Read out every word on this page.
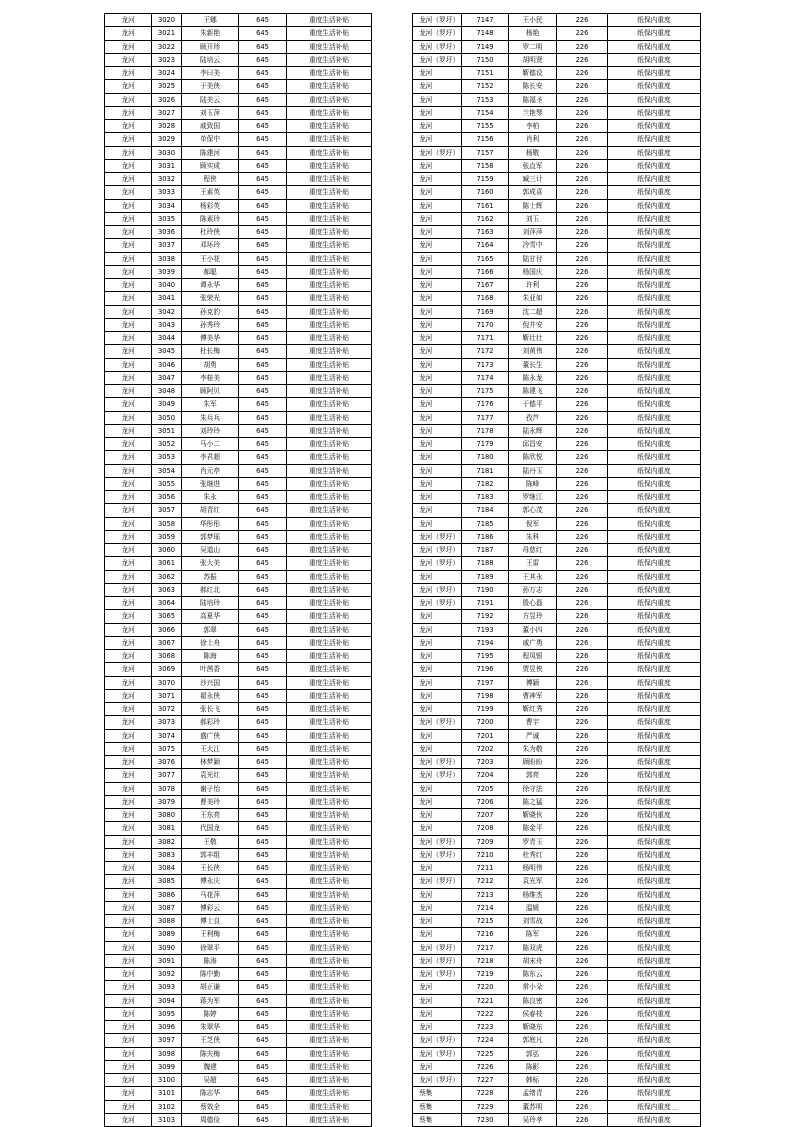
龙河	3020	王娜	645	重度生活补贴
龙河	3021	朱新艳	645	重度生活补贴
龙河	3022	顾开珍	645	重度生活补贴
龙河	3023	陆培云	645	重度生活补贴
龙河	3024	李曰美	645	重度生活补贴
龙河	3025	于美侠	645	重度生活补贴
龙河	3026	陆美云	645	重度生活补贴
龙河	3027	刘玉萍	645	重度生活补贴
龙河	3028	戚致国	645	重度生活补贴
龙河	3029	单保中	645	重度生活补贴
龙河	3030	陈建河	645	重度生活补贴
龙河	3031	顾实成	645	重度生活补贴
龙河	3032	程侠	645	重度生活补贴
龙河	3033	王素英	645	重度生活补贴
龙河	3034	杨彩英	645	重度生活补贴
龙河	3035	陈素玲	645	重度生活补贴
龙河	3036	杜玲侠	645	重度生活补贴
龙河	3037	邓环玲	645	重度生活补贴
龙河	3038	王小花	645	重度生活补贴
龙河	3039	郝聪	645	重度生活补贴
龙河	3040	谭永华	645	重度生活补贴
龙河	3041	张荣光	645	重度生活补贴
龙河	3042	孙克豹	645	重度生活补贴
龙河	3043	孙秀玲	645	重度生活补贴
龙河	3044	傅美华	645	重度生活补贴
龙河	3045	杜长梅	645	重度生活补贴
龙河	3046	胡勇	645	重度生活补贴
龙河	3047	李桂美	645	重度生活补贴
龙河	3048	顾阿贝	645	重度生活补贴
龙河	3049	朱军	645	重度生活补贴
龙河	3050	朱兵兵	645	重度生活补贴
龙河	3051	刘玲玲	645	重度生活补贴
龙河	3052	马小二	645	重度生活补贴
龙河	3053	李君超	645	重度生活补贴
龙河	3054	肖元亭	645	重度生活补贴
龙河	3055	张继进	645	重度生活补贴
龙河	3056	朱永	645	重度生活补贴
龙河	3057	胡青红	645	重度生活补贴
龙河	3058	华彤彤	645	重度生活补贴
龙河	3059	郭梦瑶	645	重度生活补贴
龙河	3060	吴道山	645	重度生活补贴
龙河	3061	张大美	645	重度生活补贴
龙河	3062	苏振	645	重度生活补贴
龙河	3063	郝红北	645	重度生活补贴
龙河	3064	陆培玲	645	重度生活补贴
龙河	3065	高夏华	645	重度生活补贴
龙河	3066	郭翠	645	重度生活补贴
龙河	3067	徐士舟	645	重度生活补贴
龙河	3068	陈海	645	重度生活补贴
龙河	3069	叶茜香	645	重度生活补贴
龙河	3070	沙兴国	645	重度生活补贴
龙河	3071	翟永侠	645	重度生活补贴
龙河	3072	张长飞	645	重度生活补贴
龙河	3073	郝彩玲	645	重度生活补贴
龙河	3074	盛广侠	645	重度生活补贴
龙河	3075	王大江	645	重度生活补贴
龙河	3076	林梦颖	645	重度生活补贴
龙河	3077	袁光红	645	重度生活补贴
龙河	3078	谢子怡	645	重度生活补贴
龙河	3079	曹美玲	645	重度生活补贴
龙河	3080	王东亮	645	重度生活补贴
龙河	3081	代国龙	645	重度生活补贴
龙河	3082	王敬	645	重度生活补贴
龙河	3083	郭丰组	645	重度生活补贴
龙河	3084	王长侠	645	重度生活补贴
龙河	3085	傅永庆	645	重度生活补贴
龙河	3086	马花萍	645	重度生活补贴
龙河	3087	傅彩云	645	重度生活补贴
龙河	3088	傅士良	645	重度生活补贴
龙河	3089	王利梅	645	重度生活补贴
龙河	3090	徐翠平	645	重度生活补贴
龙河	3091	陈涛	645	重度生活补贴
龙河	3092	陈中勤	645	重度生活补贴
龙河	3093	胡正谦	645	重度生活补贴
龙河	3094	蒋为军	645	重度生活补贴
龙河	3095	陈婷	645	重度生活补贴
龙河	3096	朱翠华	645	重度生活补贴
龙河	3097	王芝侠	645	重度生活补贴
龙河	3098	陈夫梅	645	重度生活补贴
龙河	3099	魏建	645	重度生活补贴
龙河	3100	吴超	645	重度生活补贴
龙河	3101	陈志华	645	重度生活补贴
龙河	3102	蔡效全	645	重度生活补贴
龙河	3103	周德俭	645	重度生活补贴
龙河（罗圩）	7147	王小民	226	纸保内重度
龙河（罗圩）	7148	杨艳	226	纸保内重度
龙河（罗圩）	7149	罗二明	226	纸保内重度
龙河（罗圩）	7150	胡明贤	226	纸保内重度
龙河	7151	靳德设	226	纸保内重度
龙河	7152	陈长安	226	纸保内重度
龙河	7153	陈福圣	226	纸保内重度
龙河	7154	兰艳琴	226	纸保内重度
龙河	7155	李柏	226	纸保内重度
龙河	7156	肖利	226	纸保内重度
龙河（罗圩）	7157	杨敬	226	纸保内重度
龙河	7158	张直军	226	纸保内重度
龙河	7159	臧三计	226	纸保内重度
龙河	7160	郭成喜	226	纸保内重度
龙河	7161	陈士辉	226	纸保内重度
龙河	7162	刘玉	226	纸保内重度
龙河	7163	刘萍萍	226	纸保内重度
龙河	7164	冷雪中	226	纸保内重度
龙河	7165	陆甘付	226	纸保内重度
龙河	7166	杨国庆	226	纸保内重度
龙河	7167	许利	226	纸保内重度
龙河	7168	朱亚如	226	纸保内重度
龙河	7169	沈二超	226	纸保内重度
龙河	7170	倪井安	226	纸保内重度
龙河	7171	靳壮壮	226	纸保内重度
龙河	7172	刘黄伟	226	纸保内重度
龙河	7173	董长生	226	纸保内重度
龙河	7174	陈永龙	226	纸保内重度
龙河	7175	陈建飞	226	纸保内重度
龙河	7176	于德平	226	纸保内重度
龙河	7177	孜芦	226	纸保内重度
龙河	7178	陆永辉	226	纸保内重度
龙河	7179	邱昌安	226	纸保内重度
龙河	7180	陈欣悦	226	纸保内重度
龙河	7181	陆丹玉	226	纸保内重度
龙河	7182	陈峰	226	纸保内重度
龙河	7183	罗继江	226	纸保内重度
龙河	7184	郭心茂	226	纸保内重度
龙河	7185	倪军	226	纸保内重度
龙河（罗圩）	7186	朱科	226	纸保内重度
龙河（罗圩）	7187	母慈红	226	纸保内重度
龙河（罗圩）	7188	王雷	226	纸保内重度
龙河	7189	王其永	226	纸保内重度
龙河（罗圩）	7190	孙万志	226	纸保内重度
龙河（罗圩）	7191	殷心磊	226	纸保内重度
龙河	7192	方昱玲	226	纸保内重度
龙河	7193	董小四	226	纸保内重度
龙河	7194	戚广勇	226	纸保内重度
龙河	7195	程凤银	226	纸保内重度
龙河	7196	贾昱侠	226	纸保内重度
龙河	7197	傅颖	226	纸保内重度
龙河	7198	曹神军	226	纸保内重度
龙河	7199	靳红秀	226	纸保内重度
龙河（罗圩）	7200	曹宇	226	纸保内重度
龙河	7201	严诚	226	纸保内重度
龙河	7202	朱为敬	226	纸保内重度
龙河（罗圩）	7203	顾盼盼	226	纸保内重度
龙河（罗圩）	7204	郭亮	226	纸保内重度
龙河	7205	徐守法	226	纸保内重度
龙河	7206	陈之猛	226	纸保内重度
龙河	7207	靳晓伙	226	纸保内重度
龙河	7208	陈金平	226	纸保内重度
龙河（罗圩）	7209	罗青玉	226	纸保内重度
龙河（罗圩）	7210	杜秀红	226	纸保内重度
龙河	7211	杨明伟	226	纸保内重度
龙河（罗圩）	7212	袁光军	226	纸保内重度
龙河	7213	杨维杰	226	纸保内重度
龙河	7214	温媛	226	纸保内重度
龙河	7215	刘雪战	226	纸保内重度
龙河	7216	陈军	226	纸保内重度
龙河（罗圩）	7217	陈双虎	226	纸保内重度
龙河（罗圩）	7218	胡宋舟	226	纸保内重度
龙河（罗圩）	7219	陈东云	226	纸保内重度
龙河	7220	常小朵	226	纸保内重度
龙河	7221	陈良密	226	纸保内重度
龙河	7222	侯春枝	226	纸保内重度
龙河	7223	靳晓东	226	纸保内重度
龙河（罗圩）	7224	郭庭凡	226	纸保内重度
龙河（罗圩）	7225	郭弘	226	纸保内重度
龙河	7226	陈影	226	纸保内重度
龙河（罗圩）	7227	韩标	226	纸保内重度
蔡集	7228	孟绪青	226	纸保内重度
蔡集	7229	董苏明	226	纸保内重度
蔡集	7230	吴玲孝	226	纸保内重度
…
